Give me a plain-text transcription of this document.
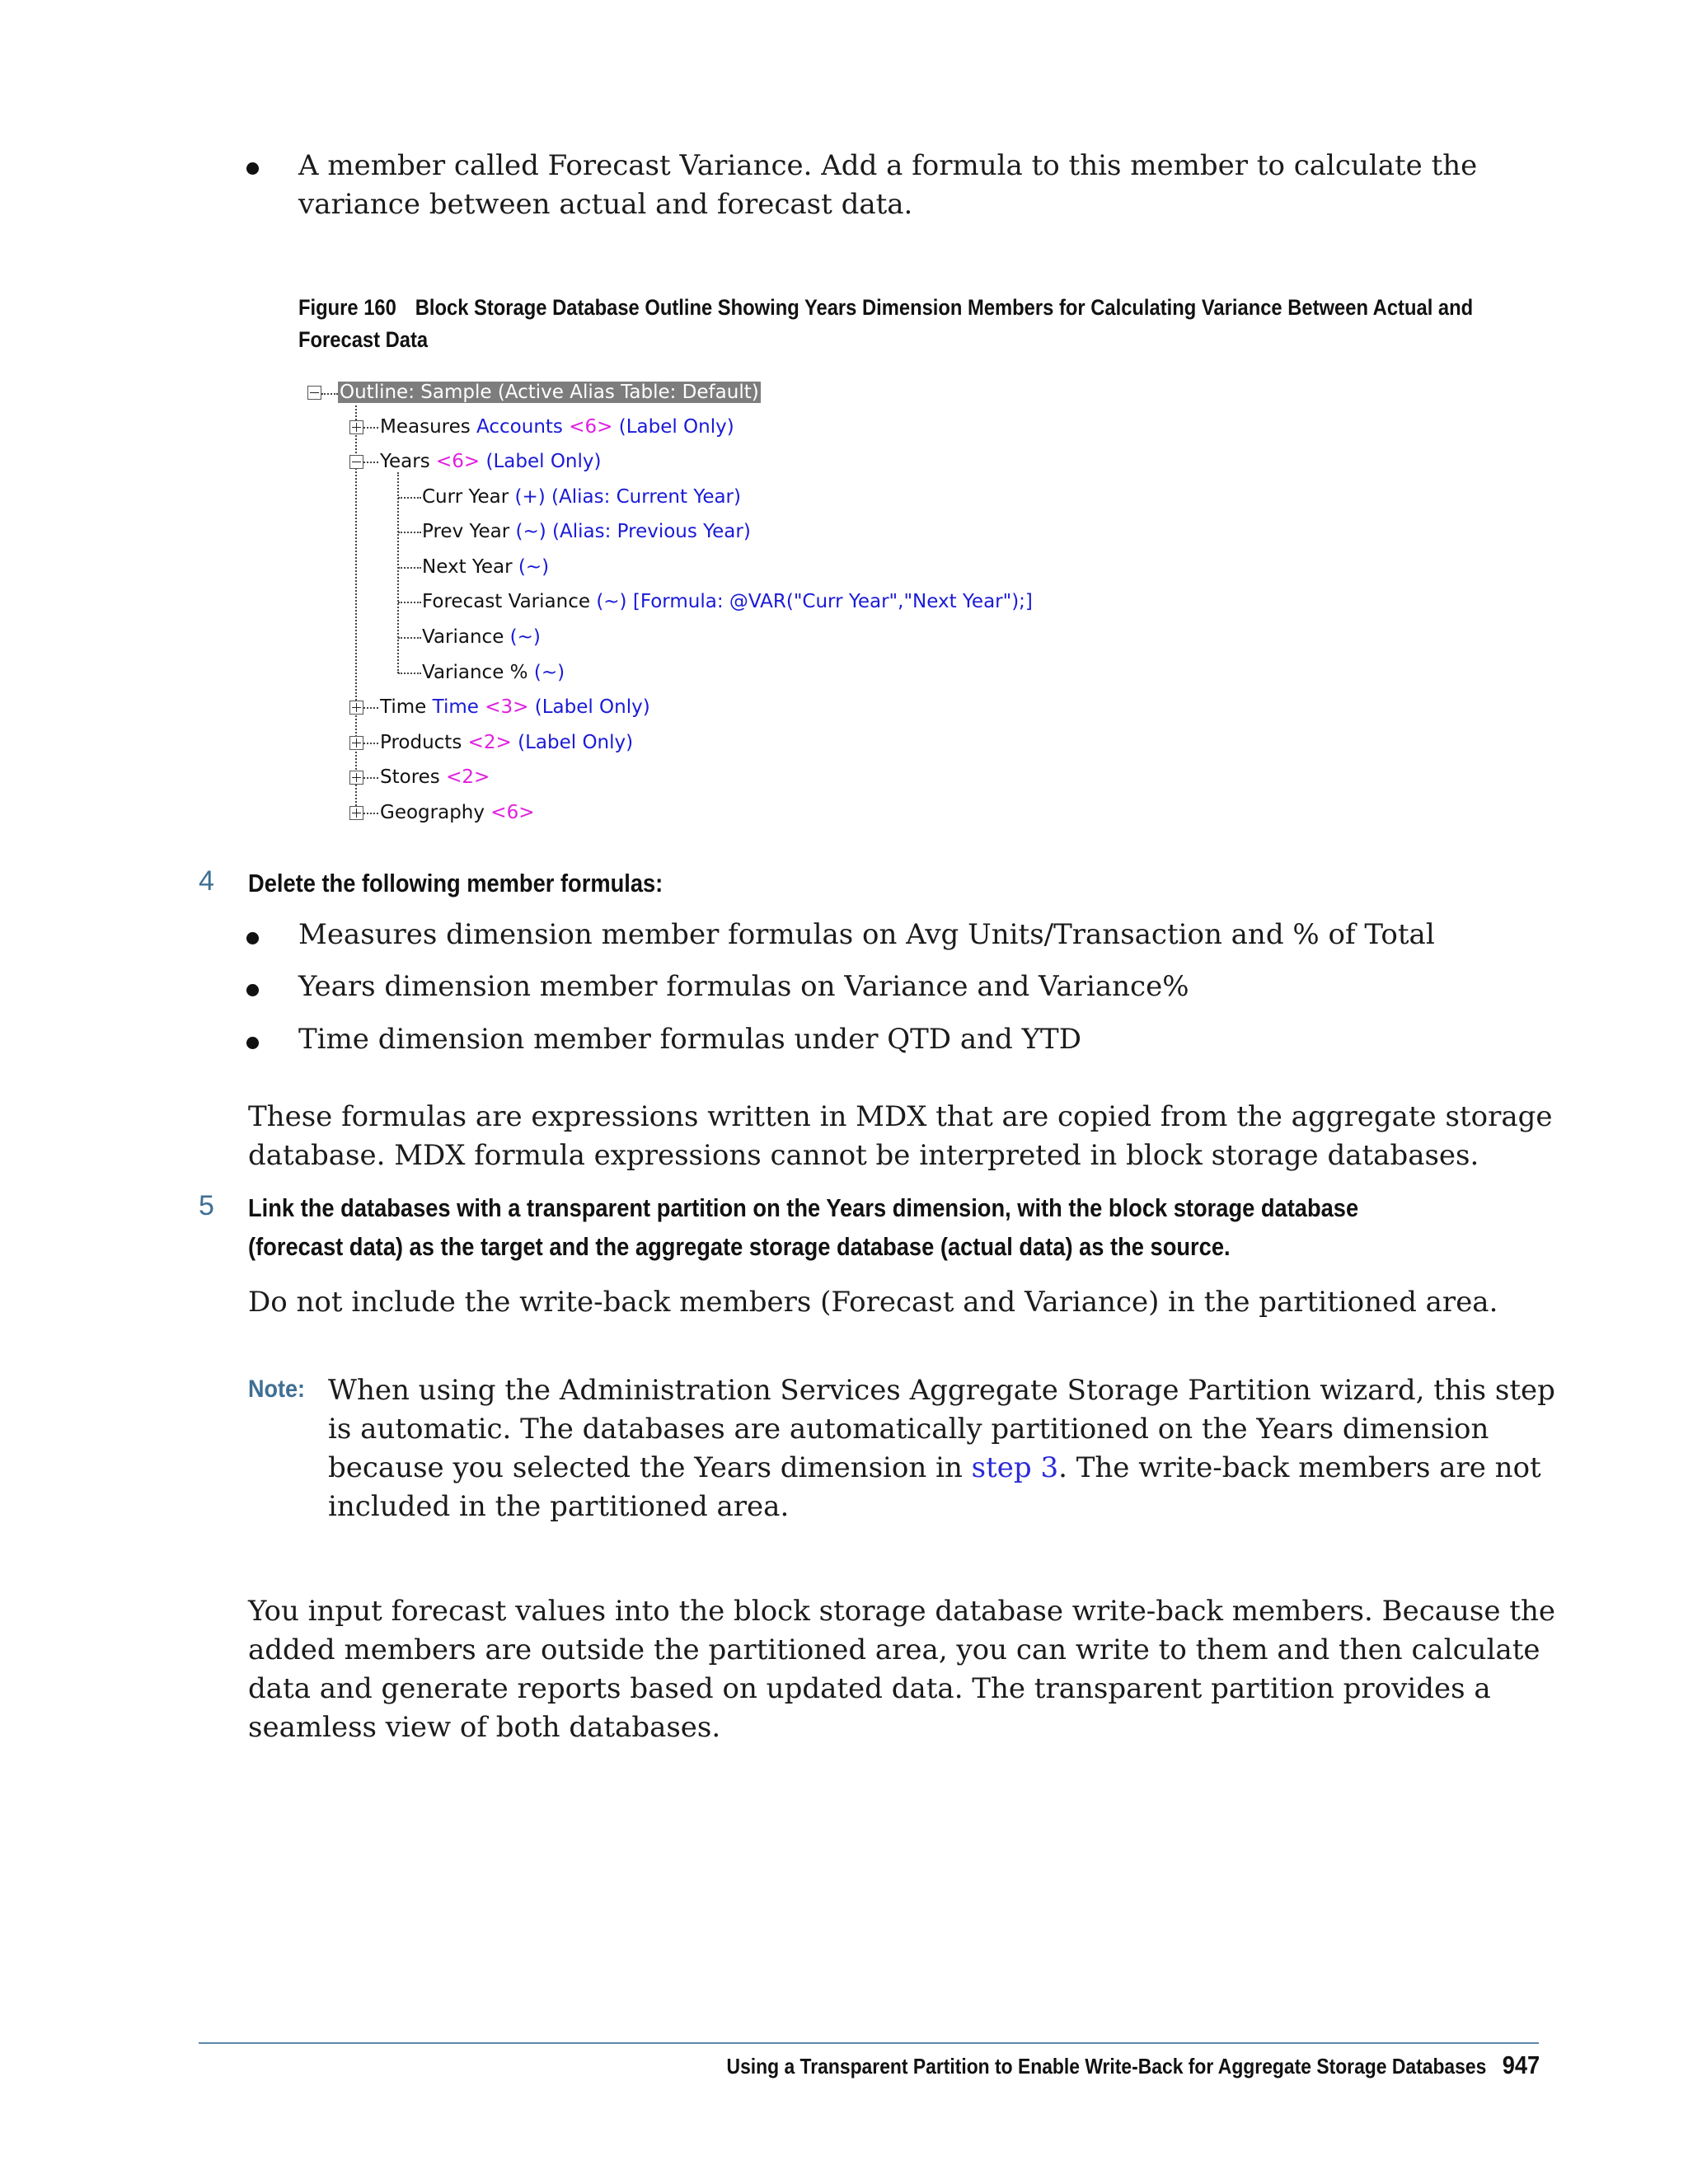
A member called Forecast Variance. Add a formula to this member to calculate the
variance between actual and forecast data.
Figure 160 Block Storage Database Outline Showing Years Dimension Members for Calculating Variance Between Actual and
Forecast Data
Outline: Sample (Active Alias Table: Default)
Measures Accounts <6> (Label Only)
Years <6> (Label Only)
Curr Year (+) (Alias: Current Year)
Prev Year (~) (Alias: Previous Year)
Next Year (~)
Forecast Variance (~) [Formula: @VAR("Curr Year","Next Year");]
Variance (~)
Variance % (~)
Time Time <3> (Label Only)
Products <2> (Label Only)
Stores <2>
Geography <6>
4 Delete the following member formulas:
Measures dimension member formulas on Avg Units/Transaction and % of Total
Years dimension member formulas on Variance and Variance%
Time dimension member formulas under QTD and YTD
These formulas are expressions written in MDX that are copied from the aggregate storage
database. MDX formula expressions cannot be interpreted in block storage databases.
5 Link the databases with a transparent partition on the Years dimension, with the block storage database
(forecast data) as the target and the aggregate storage database (actual data) as the source.
Do not include the write-back members (Forecast and Variance) in the partitioned area.
Note: When using the Administration Services Aggregate Storage Partition wizard, this step
is automatic. The databases are automatically partitioned on the Years dimension
because you selected the Years dimension in step 3. The write-back members are not
included in the partitioned area.
You input forecast values into the block storage database write-back members. Because the
added members are outside the partitioned area, you can write to them and then calculate
data and generate reports based on updated data. The transparent partition provides a
seamless view of both databases.
Using a Transparent Partition to Enable Write-Back for Aggregate Storage Databases 947
